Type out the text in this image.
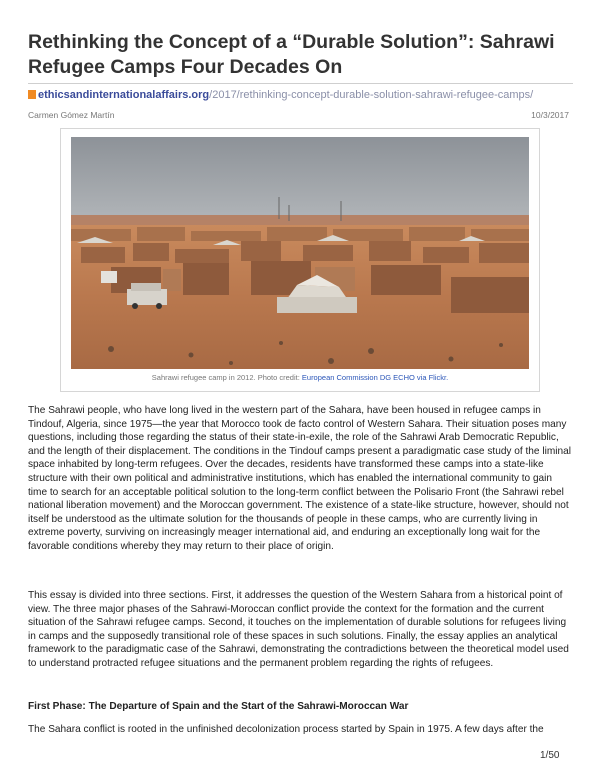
Rethinking the Concept of a “Durable Solution”: Sahrawi Refugee Camps Four Decades On
ethicsandinternationalaffairs.org/2017/rethinking-concept-durable-solution-sahrawi-refugee-camps/
Carmen Gómez Martín	10/3/2017
Sahrawi refugee camp in 2012. Photo credit: European Commission DG ECHO via Flickr.

The Sahrawi people, who have long lived in the western part of the Sahara, have been housed in refugee camps in Tindouf, Algeria, since 1975—the year that Morocco took de facto control of Western Sahara. Their situation poses many questions, including those regarding the status of their state-in-exile, the role of the Sahrawi Arab Democratic Republic, and the length of their displacement. The conditions in the Tindouf camps present a paradigmatic case study of the liminal space inhabited by long-term refugees. Over the decades, residents have transformed these camps into a state-like structure with their own political and administrative institutions, which has enabled the international community to gain time to search for an acceptable political solution to the long-term conflict between the Polisario Front (the Sahrawi rebel national liberation movement) and the Moroccan government. The existence of a state-like structure, however, should not itself be understood as the ultimate solution for the thousands of people in these camps, who are currently living in extreme poverty, surviving on increasingly meager international aid, and enduring an exceptionally long wait for the favorable conditions whereby they may return to their place of origin.

This essay is divided into three sections. First, it addresses the question of the Western Sahara from a historical point of view. The three major phases of the Sahrawi-Moroccan conflict provide the context for the formation and the current situation of the Sahrawi refugee camps. Second, it touches on the implementation of durable solutions for refugees living in camps and the supposedly transitional role of these spaces in such solutions. Finally, the essay applies an analytical framework to the paradigmatic case of the Sahrawi, demonstrating the contradictions between the theoretical model used to understand protracted refugee situations and the permanent problem regarding the rights of refugees.

First Phase: The Departure of Spain and the Start of the Sahrawi-Moroccan War

The Sahara conflict is rooted in the unfinished decolonization process started by Spain in 1975. A few days after the

1/50
